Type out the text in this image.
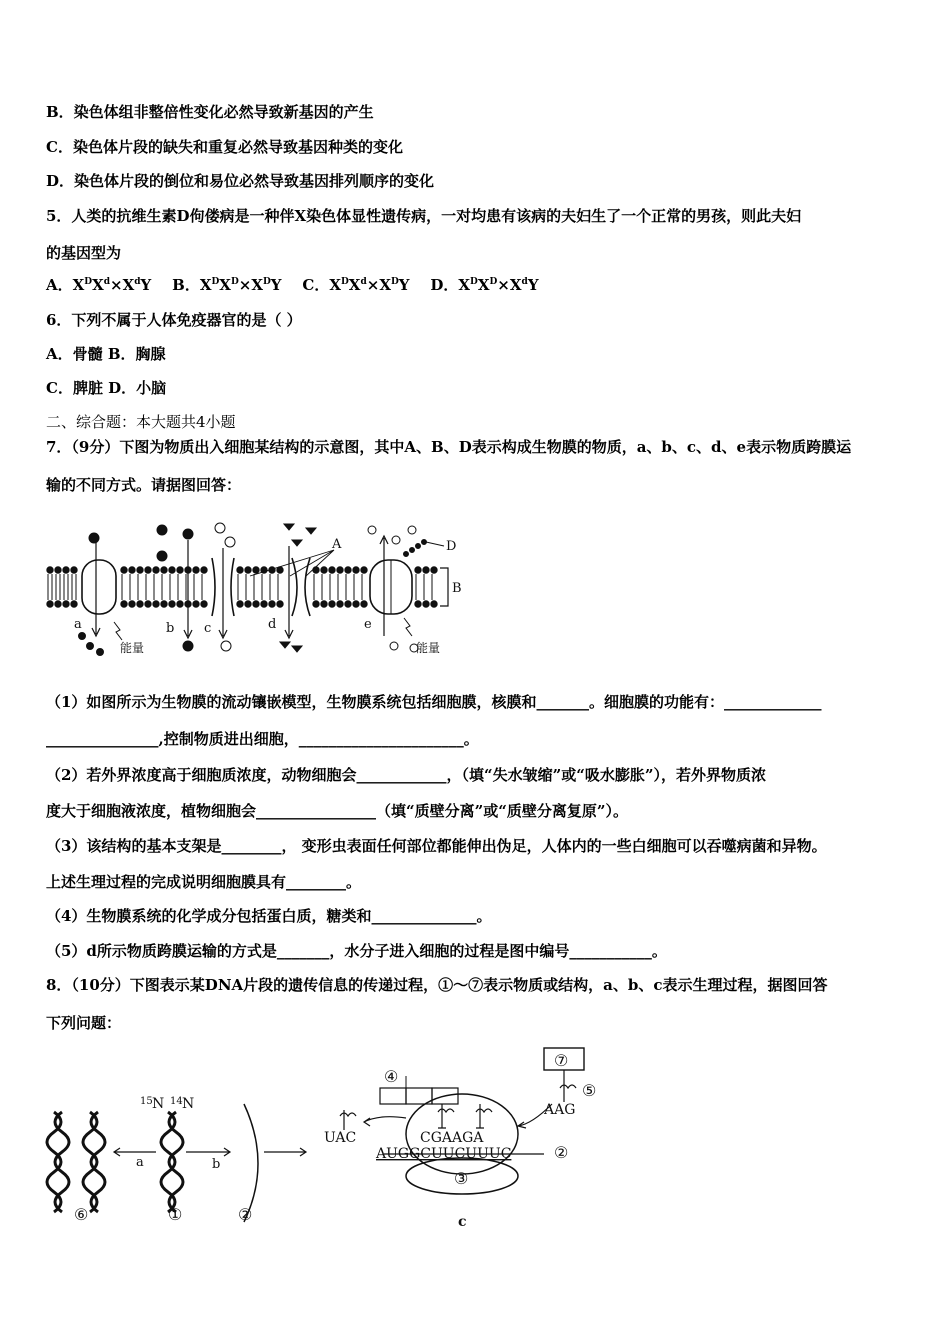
B．染色体组非整倍性变化必然导致新基因的产生
C．染色体片段的缺失和重复必然导致基因种类的变化
D．染色体片段的倒位和易位必然导致基因排列顺序的变化
5．人类的抗维生素D佝偻病是一种伴X染色体显性遗传病，一对均患有该病的夫妇生了一个正常的男孩，则此夫妇
的基因型为
A．$X^DX^d\times X^dY$ B．$X^DX^D\times X^DY$ C．$X^DX^d\times X^DY$ D．$X^DX^D\times X^dY$
6．下列不属于人体免疫器官的是（ ）
A．骨髓 B．胸腺
C．脾脏 D．小脑
二、综合题：本大题共4小题
7．（9分）下图为物质出入细胞某结构的示意图，其中A、B、D表示构成生物膜的物质，a、b、c、d、e表示物质跨膜运
输的不同方式。请据图回答：
D
A
B
a	b c	d	e
能量	能量
（1）如图所示为生物膜的流动镶嵌模型，生物膜系统包括细胞膜，核膜和_______。细胞膜的功能有：_____________
_______________,控制物质进出细胞，______________________。
（2）若外界浓度高于细胞质浓度，动物细胞会____________，（填“失水皱缩”或“吸水膨胀”），若外界物质浓
度大于细胞液浓度，植物细胞会________________（填“质壁分离”或“质壁分离复原”）。
（3）该结构的基本支架是________， 变形虫表面任何部位都能伸出伪足，人体内的一些白细胞可以吞噬病菌和异物。
上述生理过程的完成说明细胞膜具有________。
（4）生物膜系统的化学成分包括蛋白质，糖类和______________。
（5）d所示物质跨膜运输的方式是_______，水分子进入细胞的过程是图中编号___________。
8．（10分）下图表示某DNA片段的遗传信息的传递过程，①～⑦表示物质或结构，a、b、c表示生理过程，据图回答
下列问题：
15 N 14 N
a	b
c
⑥	①	②
④
⑦
⑤
②
③
UAC
AAG
CGAAGA
AUGGCUUCUUUC
